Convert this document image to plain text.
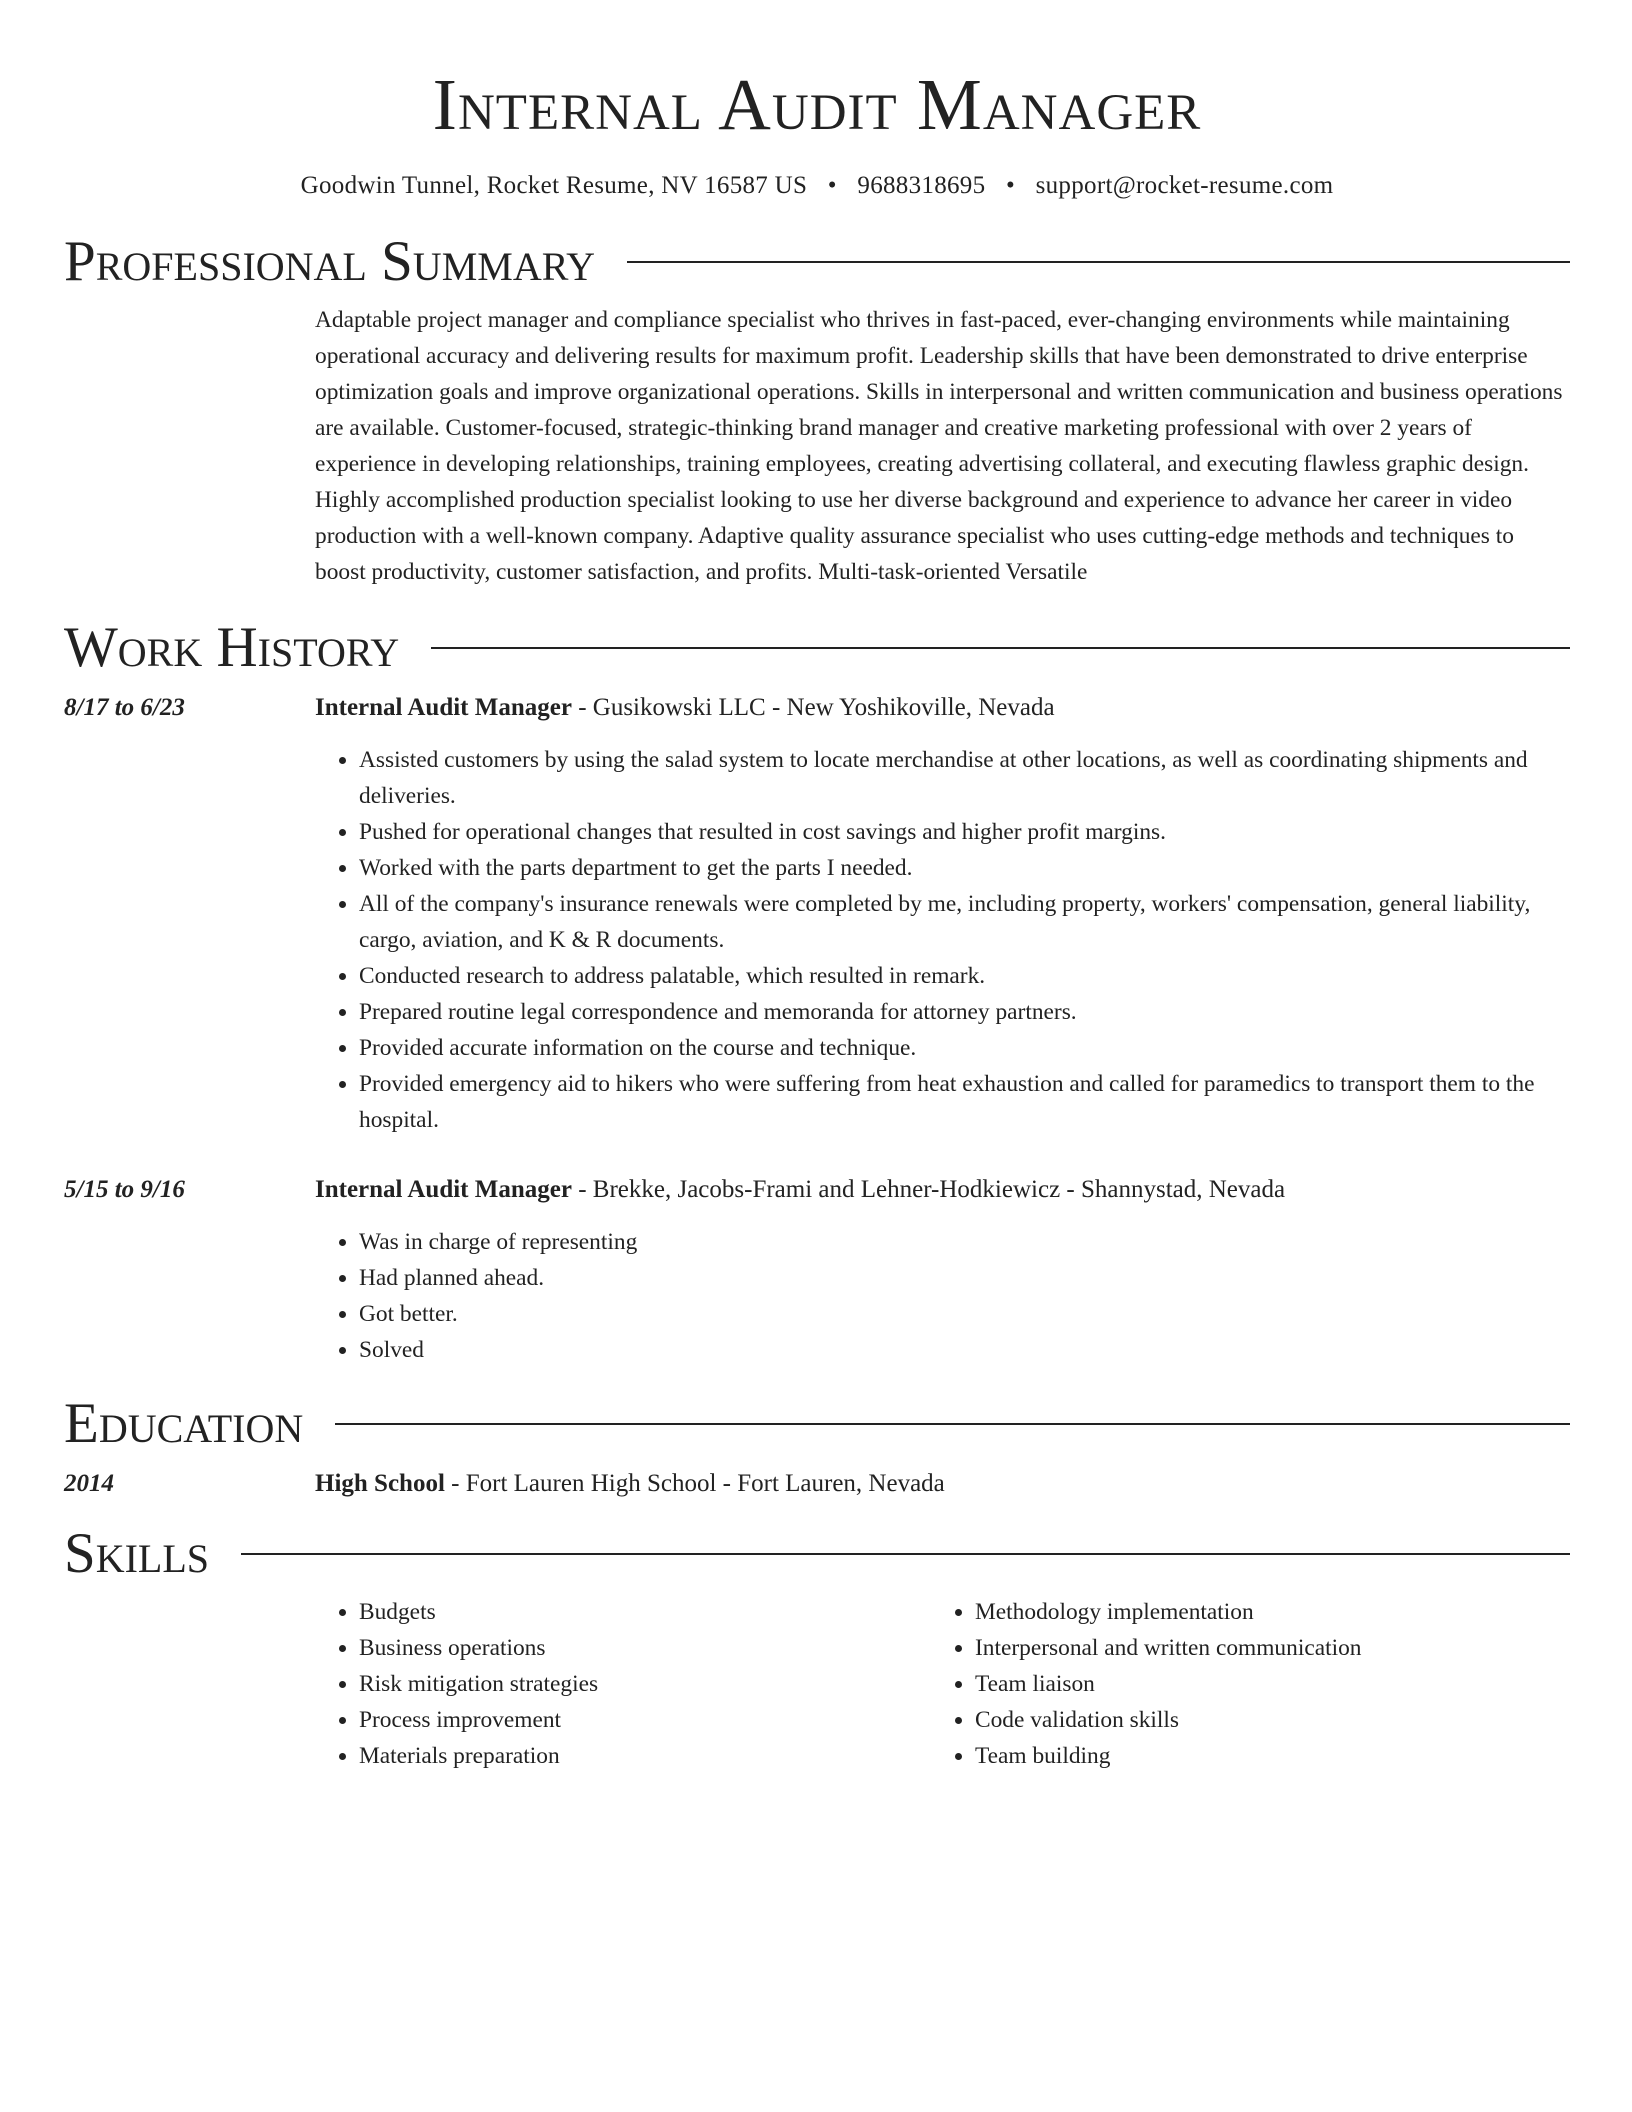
Internal Audit Manager
Goodwin Tunnel, Rocket Resume, NV 16587 US • 9688318695 • support@rocket-resume.com
Professional Summary
Adaptable project manager and compliance specialist who thrives in fast-paced, ever-changing environments while maintaining operational accuracy and delivering results for maximum profit. Leadership skills that have been demonstrated to drive enterprise optimization goals and improve organizational operations. Skills in interpersonal and written communication and business operations are available. Customer-focused, strategic-thinking brand manager and creative marketing professional with over 2 years of experience in developing relationships, training employees, creating advertising collateral, and executing flawless graphic design. Highly accomplished production specialist looking to use her diverse background and experience to advance her career in video production with a well-known company. Adaptive quality assurance specialist who uses cutting-edge methods and techniques to boost productivity, customer satisfaction, and profits. Multi-task-oriented Versatile
Work History
8/17 to 6/23	Internal Audit Manager - Gusikowski LLC - New Yoshikoville, Nevada
• Assisted customers by using the salad system to locate merchandise at other locations, as well as coordinating shipments and deliveries.
• Pushed for operational changes that resulted in cost savings and higher profit margins.
• Worked with the parts department to get the parts I needed.
• All of the company's insurance renewals were completed by me, including property, workers' compensation, general liability, cargo, aviation, and K & R documents.
• Conducted research to address palatable, which resulted in remark.
• Prepared routine legal correspondence and memoranda for attorney partners.
• Provided accurate information on the course and technique.
• Provided emergency aid to hikers who were suffering from heat exhaustion and called for paramedics to transport them to the hospital.
5/15 to 9/16	Internal Audit Manager - Brekke, Jacobs-Frami and Lehner-Hodkiewicz - Shannystad, Nevada
• Was in charge of representing
• Had planned ahead.
• Got better.
• Solved
Education
2014	High School - Fort Lauren High School - Fort Lauren, Nevada
Skills
• Budgets
• Business operations
• Risk mitigation strategies
• Process improvement
• Materials preparation
• Methodology implementation
• Interpersonal and written communication
• Team liaison
• Code validation skills
• Team building
